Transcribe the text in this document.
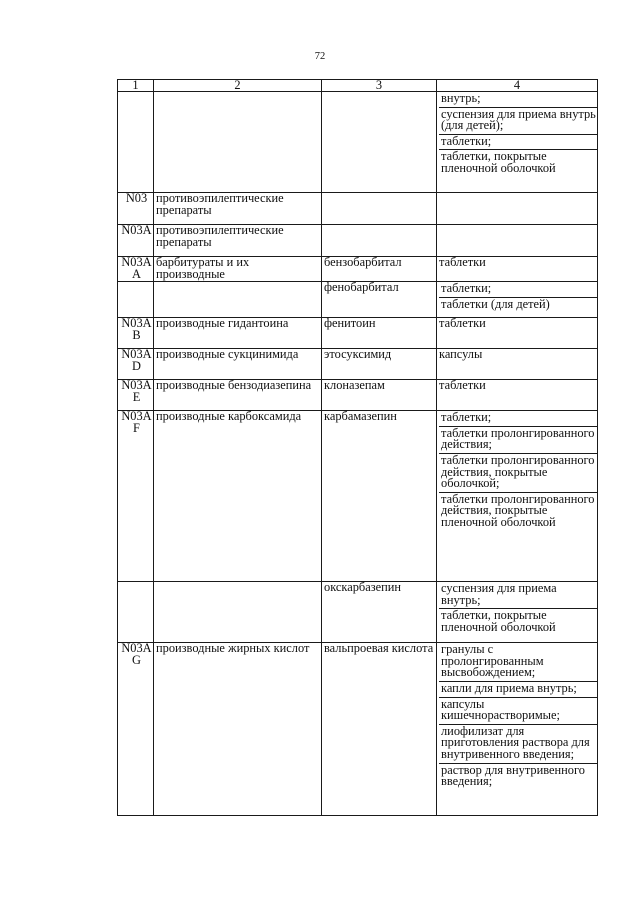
72
1	2	3	4

			внутрь;
суспензия для приема внутрь (для детей);
таблетки;
таблетки, покрытые пленочной оболочкой

N03	противоэпилептические препараты		
N03A	противоэпилептические препараты		
N03AA	барбитураты и их производные	бензобарбитал	таблетки
		фенобарбитал	таблетки;
таблетки (для детей)

N03AB	производные гидантоина	фенитоин	таблетки
N03AD	производные сукцинимида	этосуксимид	капсулы
N03AE	производные бензодиазепина	клоназепам	таблетки
N03AF	производные карбоксамида	карбамазепин	таблетки;
таблетки пролонгированного действия;
таблетки пролонгированного действия, покрытые оболочкой;
таблетки пролонгированного действия, покрытые пленочной оболочкой

		окскарбазепин	суспензия для приема внутрь;
таблетки, покрытые пленочной оболочкой

N03AG	производные жирных кислот	вальпроевая кислота	гранулы с пролонгированным высвобождением;
капли для приема внутрь;
капсулы кишечнорастворимые;
лиофилизат для приготовления раствора для внутривенного введения;
раствор для внутривенного введения;
